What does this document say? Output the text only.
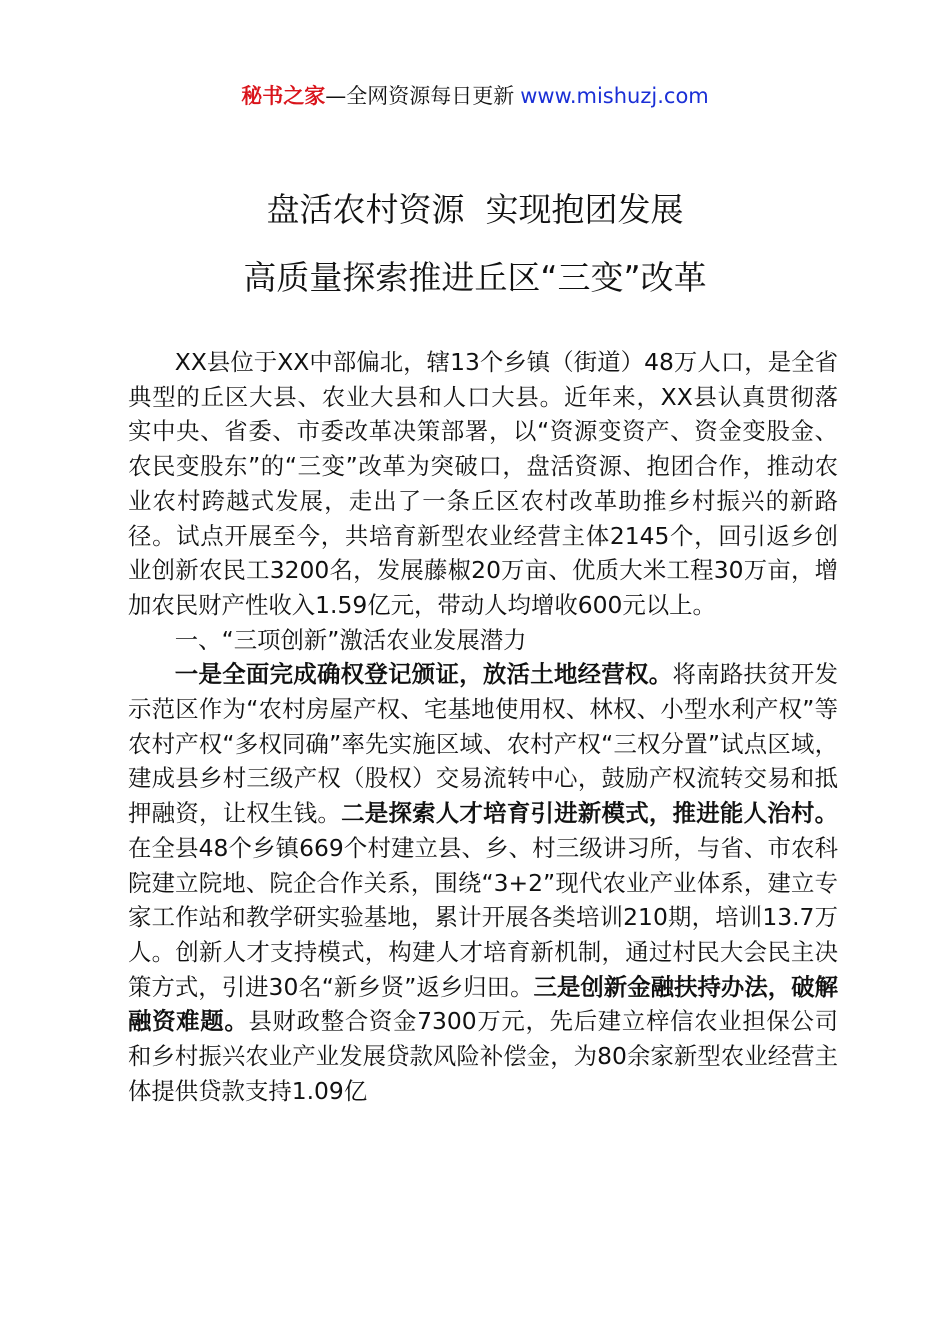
秘书之家—全网资源每日更新 www.mishuzj.com
盘活农村资源  实现抱团发展
高质量探索推进丘区“三变”改革

XX县位于XX中部偏北，辖13个乡镇（街道）48万人口，是全省典型的丘区大县、农业大县和人口大县。近年来，XX县认真贯彻落实中央、省委、市委改革决策部署，以“资源变资产、资金变股金、农民变股东”的“三变”改革为突破口，盘活资源、抱团合作，推动农业农村跨越式发展，走出了一条丘区农村改革助推乡村振兴的新路径。试点开展至今，共培育新型农业经营主体2145个，回引返乡创业创新农民工3200名，发展藤椒20万亩、优质大米工程30万亩，增加农民财产性收入1.59亿元，带动人均增收600元以上。

一、“三项创新”激活农业发展潜力

一是全面完成确权登记颁证，放活土地经营权。将南路扶贫开发示范区作为“农村房屋产权、宅基地使用权、林权、小型水利产权”等农村产权“多权同确”率先实施区域、农村产权“三权分置”试点区域，建成县乡村三级产权（股权）交易流转中心，鼓励产权流转交易和抵押融资，让权生钱。二是探索人才培育引进新模式，推进能人治村。在全县48个乡镇669个村建立县、乡、村三级讲习所，与省、市农科院建立院地、院企合作关系，围绕“3+2”现代农业产业体系，建立专家工作站和教学研实验基地，累计开展各类培训210期，培训13.7万人。创新人才支持模式，构建人才培育新机制，通过村民大会民主决策方式，引进30名“新乡贤”返乡归田。三是创新金融扶持办法，破解融资难题。县财政整合资金7300万元，先后建立梓信农业担保公司和乡村振兴农业产业发展贷款风险补偿金，为80余家新型农业经营主体提供贷款支持1.09亿
